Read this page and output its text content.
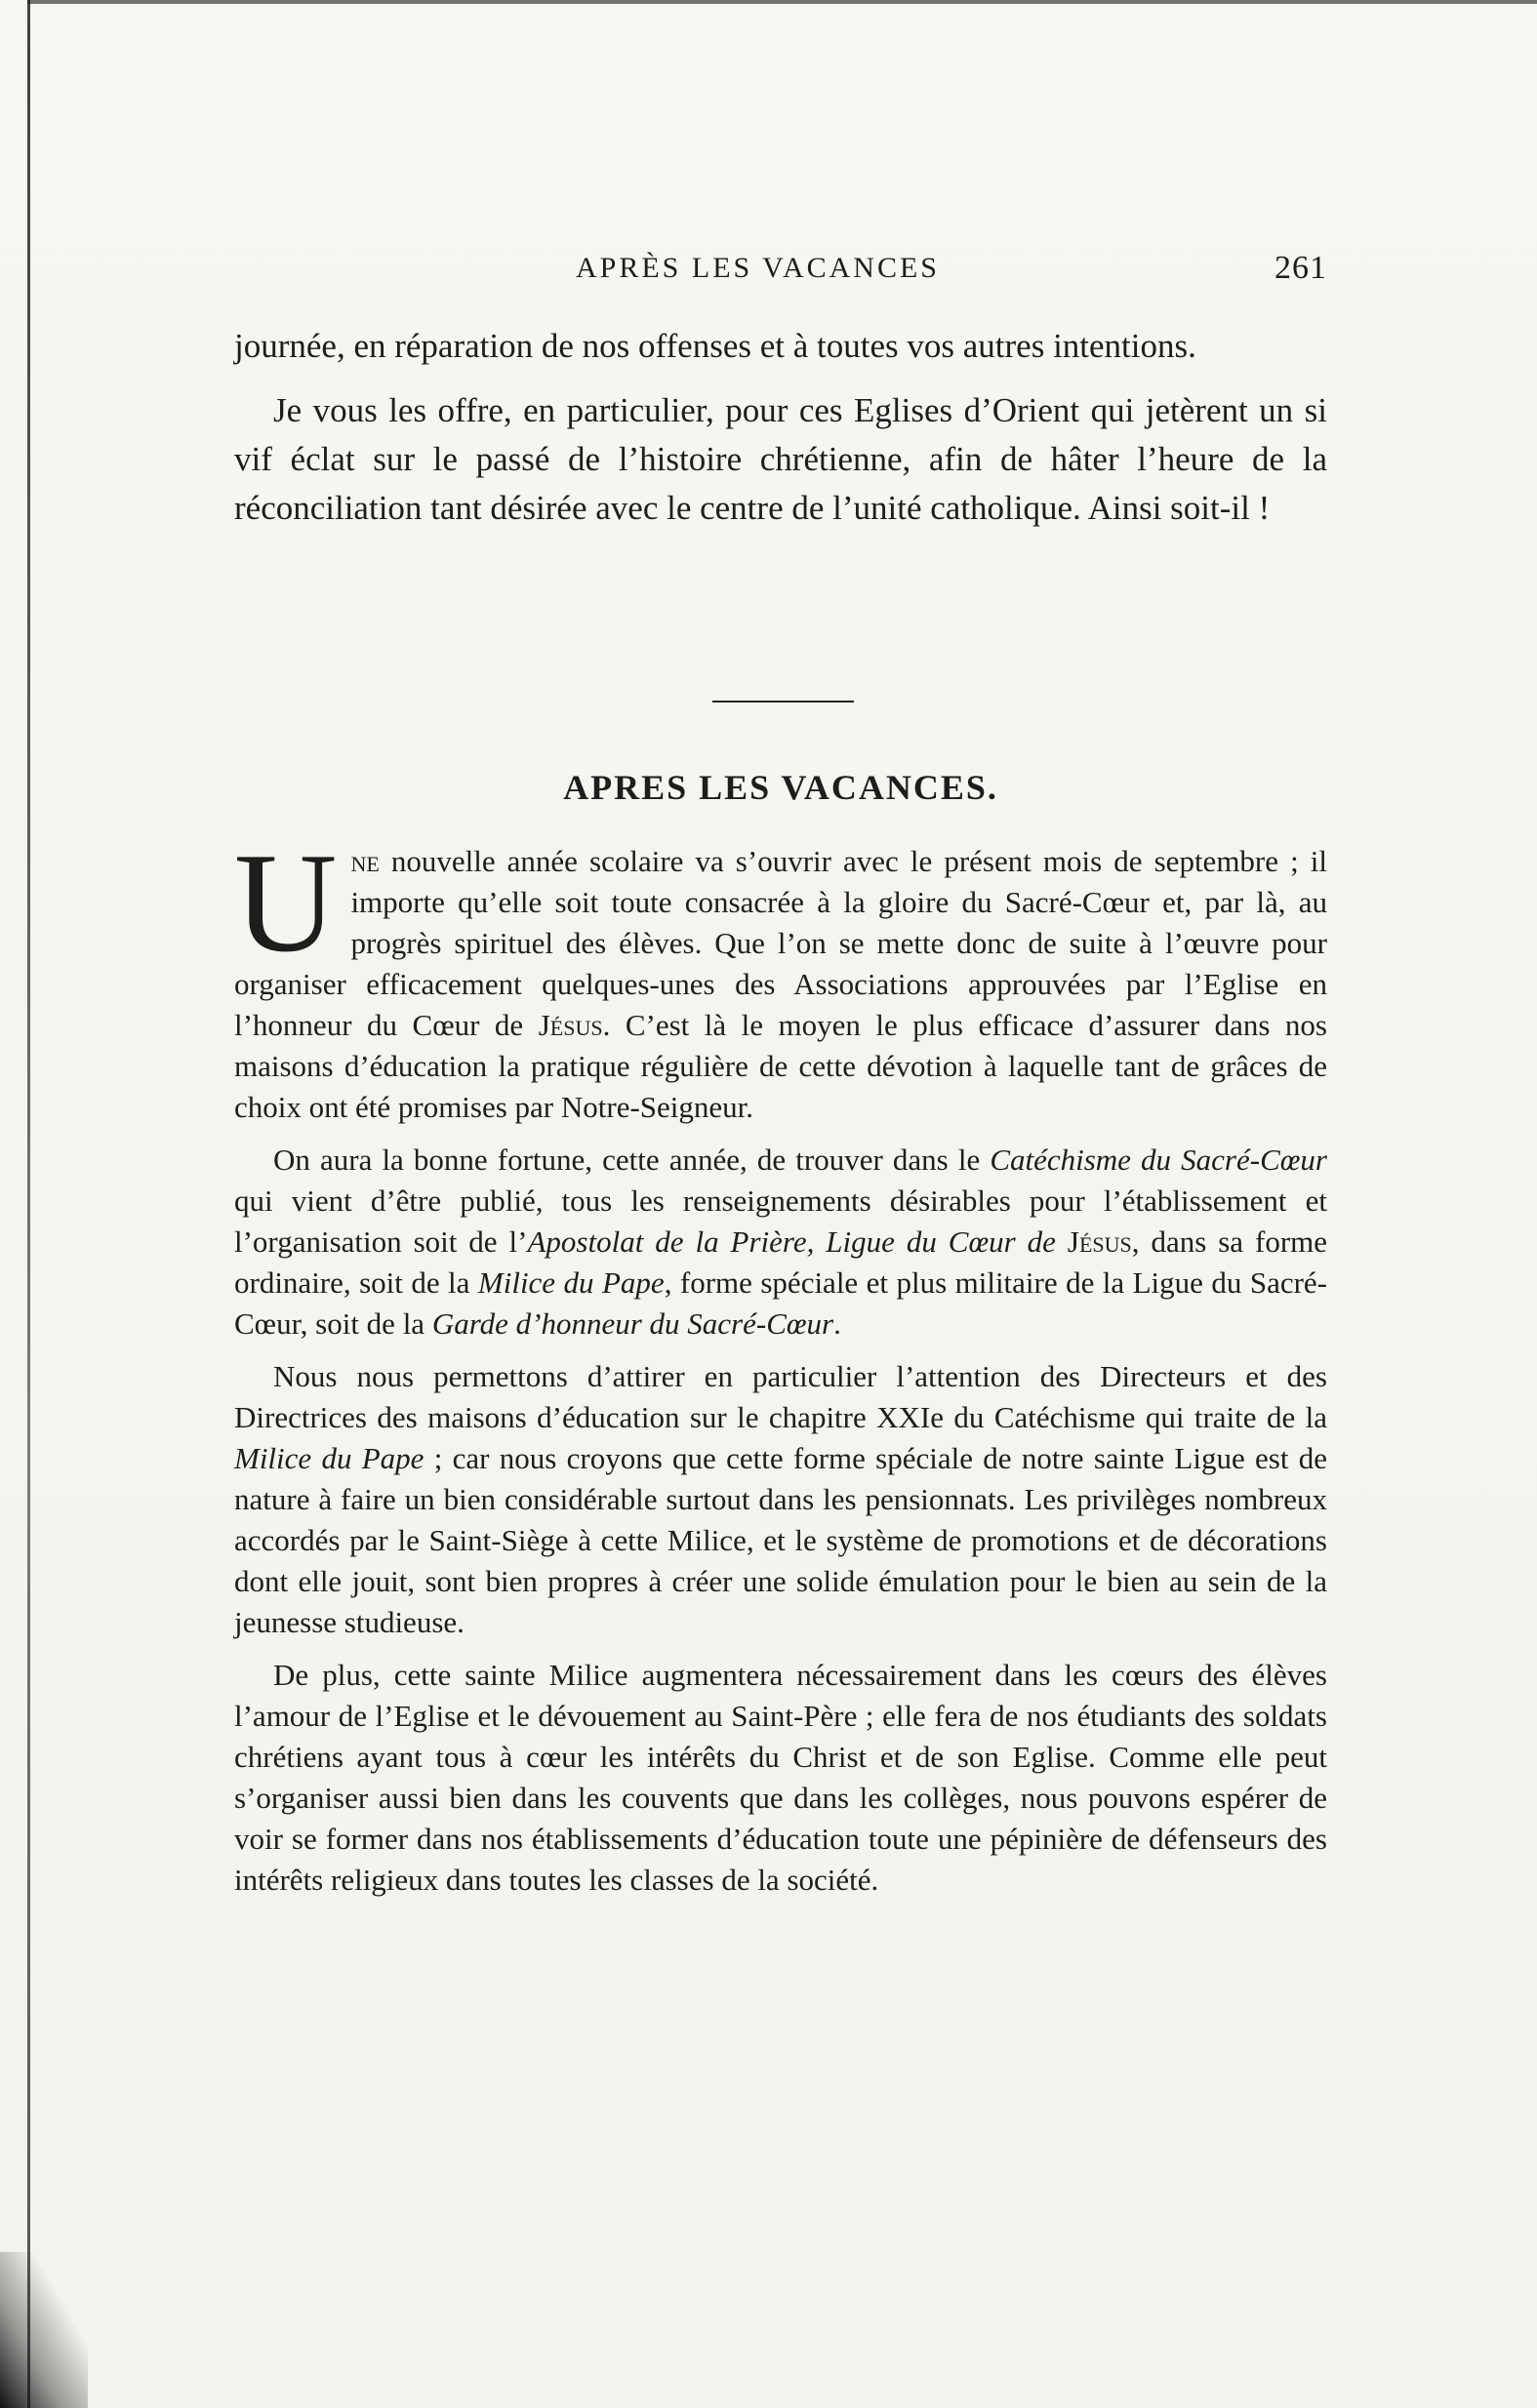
APRÈS LES VACANCES	261

journée, en réparation de nos offenses et à toutes vos autres intentions.

Je vous les offre, en particulier, pour ces Eglises d’Orient qui jetèrent un si vif éclat sur le passé de l’histoire chrétienne, afin de hâter l’heure de la réconciliation tant désirée avec le centre de l’unité catholique. Ainsi soit-il !

APRES LES VACANCES.

Une nouvelle année scolaire va s’ouvrir avec le présent mois de septembre ; il importe qu’elle soit toute consacrée à la gloire du Sacré-Cœur et, par là, au progrès spirituel des élèves. Que l’on se mette donc de suite à l’œuvre pour organiser efficacement quelques-unes des Associations approuvées par l’Eglise en l’honneur du Cœur de Jésus. C’est là le moyen le plus efficace d’assurer dans nos maisons d’éducation la pratique régulière de cette dévotion à laquelle tant de grâces de choix ont été promises par Notre-Seigneur.

On aura la bonne fortune, cette année, de trouver dans le Catéchisme du Sacré-Cœur qui vient d’être publié, tous les renseignements désirables pour l’établissement et l’organisation soit de l’Apostolat de la Prière, Ligue du Cœur de Jésus, dans sa forme ordinaire, soit de la Milice du Pape, forme spéciale et plus militaire de la Ligue du Sacré-Cœur, soit de la Garde d’honneur du Sacré-Cœur.

Nous nous permettons d’attirer en particulier l’attention des Directeurs et des Directrices des maisons d’éducation sur le chapitre XXIe du Catéchisme qui traite de la Milice du Pape ; car nous croyons que cette forme spéciale de notre sainte Ligue est de nature à faire un bien considérable surtout dans les pensionnats. Les privilèges nombreux accordés par le Saint-Siège à cette Milice, et le système de promotions et de décorations dont elle jouit, sont bien propres à créer une solide émulation pour le bien au sein de la jeunesse studieuse.

De plus, cette sainte Milice augmentera nécessairement dans les cœurs des élèves l’amour de l’Eglise et le dévouement au Saint-Père ; elle fera de nos étudiants des soldats chrétiens ayant tous à cœur les intérêts du Christ et de son Eglise. Comme elle peut s’organiser aussi bien dans les couvents que dans les collèges, nous pouvons espérer de voir se former dans nos établissements d’éducation toute une pépinière de défenseurs des intérêts religieux dans toutes les classes de la société.
